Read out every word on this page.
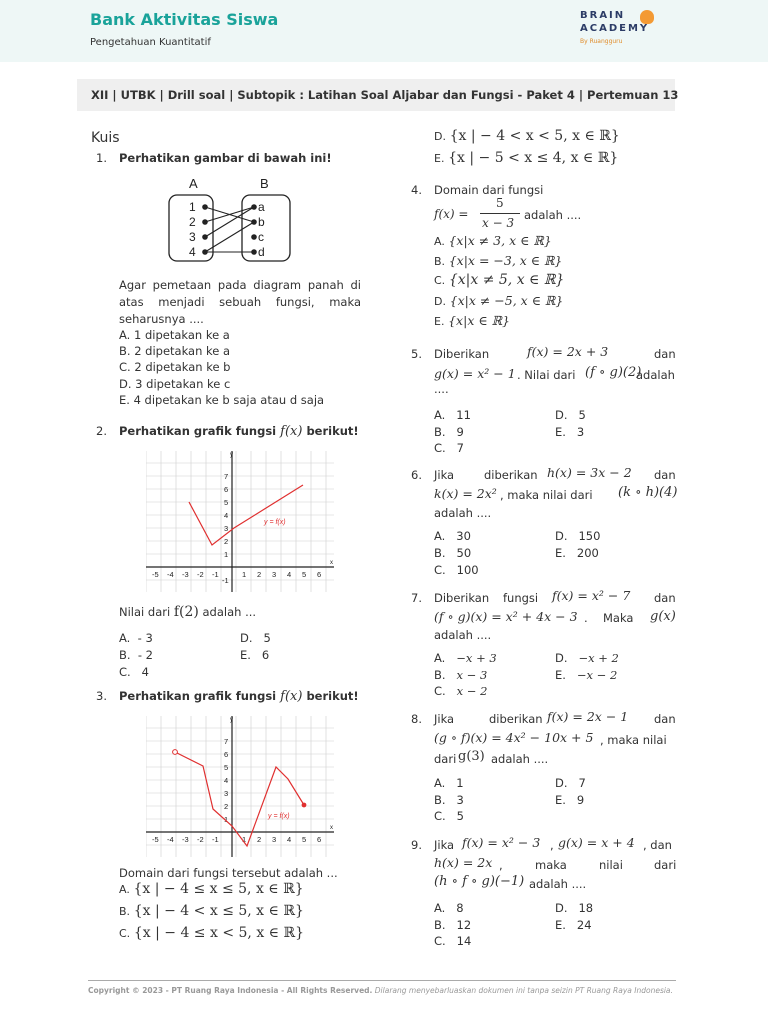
Bank Aktivitas Siswa
Pengetahuan Kuantitatif
BRAIN
ACADEMY
By Ruangguru
XII | UTBK | Drill soal | Subtopik : Latihan Soal Aljabar dan Fungsi - Paket 4 | Pertemuan 13
Kuis
1. Perhatikan gambar di bawah ini!
A	B
1
2
3
4
a
b
c
d
Agar pemetaan pada diagram panah di atas menjadi sebuah fungsi, maka seharusnya ....
A. 1 dipetakan ke a
B. 2 dipetakan ke a
C. 2 dipetakan ke b
D. 3 dipetakan ke c
E. 4 dipetakan ke b saja atau d saja
2. Perhatikan grafik fungsi f(x) berikut!
y
x
7
6
5
4
3
2
1
-1
-5 -4 -3 -2 -1	1 2 3 4 5 6
y = f(x)
Nilai dari f(2) adalah ...
A. - 3
B. - 2
C. 4
D. 5
E. 6
3. Perhatikan grafik fungsi f(x) berikut!
y
x
7
6
5
4
3
2
1
-5 -4 -3 -2 -1	1 2 3 4 5 6
y = f(x)
Domain dari fungsi tersebut adalah ...
A. {x | − 4 ≤ x ≤ 5, x ∈ ℝ}
B. {x | − 4 < x ≤ 5, x ∈ ℝ}
C. {x | − 4 ≤ x < 5, x ∈ ℝ}
D. {x | − 4 < x < 5, x ∈ ℝ}
E. {x | − 5 < x ≤ 4, x ∈ ℝ}
4. Domain dari fungsi
f(x) =
5
x − 3
adalah ....
A. {x|x ≠ 3, x ∈ ℝ}
B. {x|x = −3, x ∈ ℝ}
C. {x|x ≠ 5, x ∈ ℝ}
D. {x|x ≠ −5, x ∈ ℝ}
E. {x|x ∈ ℝ}
5. Diberikan	f(x) = 2x + 3	dan
g(x) = x² − 1 . Nilai dari (f ∘ g)(2)
adalah
....
A. 11
B. 9
C. 7
D. 5
E. 3
6. Jika	diberikan h(x) = 3x − 2 dan
k(x) = 2x² , maka nilai dari (k ∘ h)(4)
adalah ....
A. 30
B. 50
C. 100
D. 150
E. 200
7. Diberikan fungsi f(x) = x² − 7 dan
(f ∘ g)(x) = x² + 4x − 3 . Maka g(x)
adalah ....
A. −x + 3
B. x − 3
C. x − 2
D. −x + 2
E. −x − 2
8. Jika	diberikan f(x) = 2x − 1 dan
(g ∘ f)(x) = 4x² − 10x + 5 , maka nilai
dari g(3) adalah ....
A. 1
B. 3
C. 5
D. 7
E. 9
9. Jika f(x) = x² − 3 , g(x) = x + 4 , dan
h(x) = 2x ,	maka	nilai	dari
(h ∘ f ∘ g)(−1) adalah ....
A. 8
B. 12
C. 14
D. 18
E. 24
Copyright © 2023 - PT Ruang Raya Indonesia - All Rights Reserved. Dilarang menyebarluaskan dokumen ini tanpa seizin PT Ruang Raya Indonesia.
